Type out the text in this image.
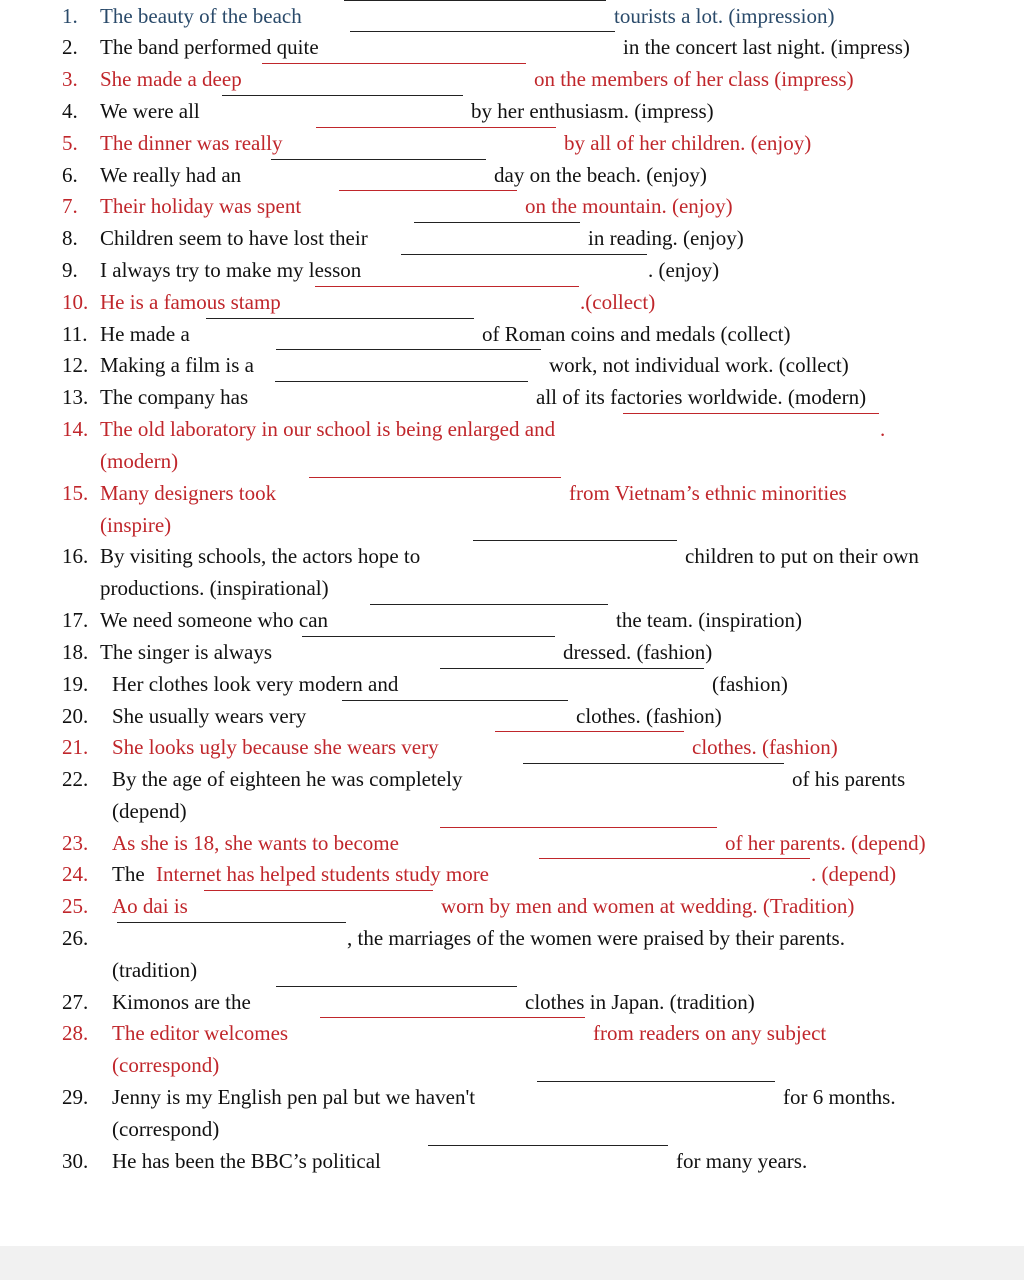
1. The beauty of the beach	tourists a lot. (impression)
2. The band performed quite	in the concert last night. (impress)
3. She made a deep	on the members of her class (impress)
4. We were all	by her enthusiasm. (impress)
5. The dinner was really	by all of her children. (enjoy)
6. We really had an	day on the beach. (enjoy)
7. Their holiday was spent	on the mountain. (enjoy)
8. Children seem to have lost their	in reading. (enjoy)
9. I always try to make my lesson	. (enjoy)
10. He is a famous stamp	.(collect)
11. He made a	of Roman coins and medals (collect)
12. Making a film is a	work, not individual work. (collect)
13. The company has	all of its factories worldwide. (modern)
14. The old laboratory in our school is being enlarged and	.
(modern)
15. Many designers took	from Vietnam’s ethnic minorities
(inspire)
16. By visiting schools, the actors hope to	children to put on their own
productions. (inspirational)
17. We need someone who can	the team. (inspiration)
18. The singer is always	dressed. (fashion)
19. Her clothes look very modern and	(fashion)
20. She usually wears very	clothes. (fashion)
21. She looks ugly because she wears very	clothes. (fashion)
22. By the age of eighteen he was completely	of his parents
(depend)
23. As she is 18, she wants to become	of her parents. (depend)
24. The Internet has helped students study more	. (depend)
25. Ao dai is	worn by men and women at wedding. (Tradition)
26.	, the marriages of the women were praised by their parents.
(tradition)
27. Kimonos are the	clothes in Japan. (tradition)
28. The editor welcomes	from readers on any subject
(correspond)
29. Jenny is my English pen pal but we haven't	for 6 months.
(correspond)
30. He has been the BBC’s political	for many years.
